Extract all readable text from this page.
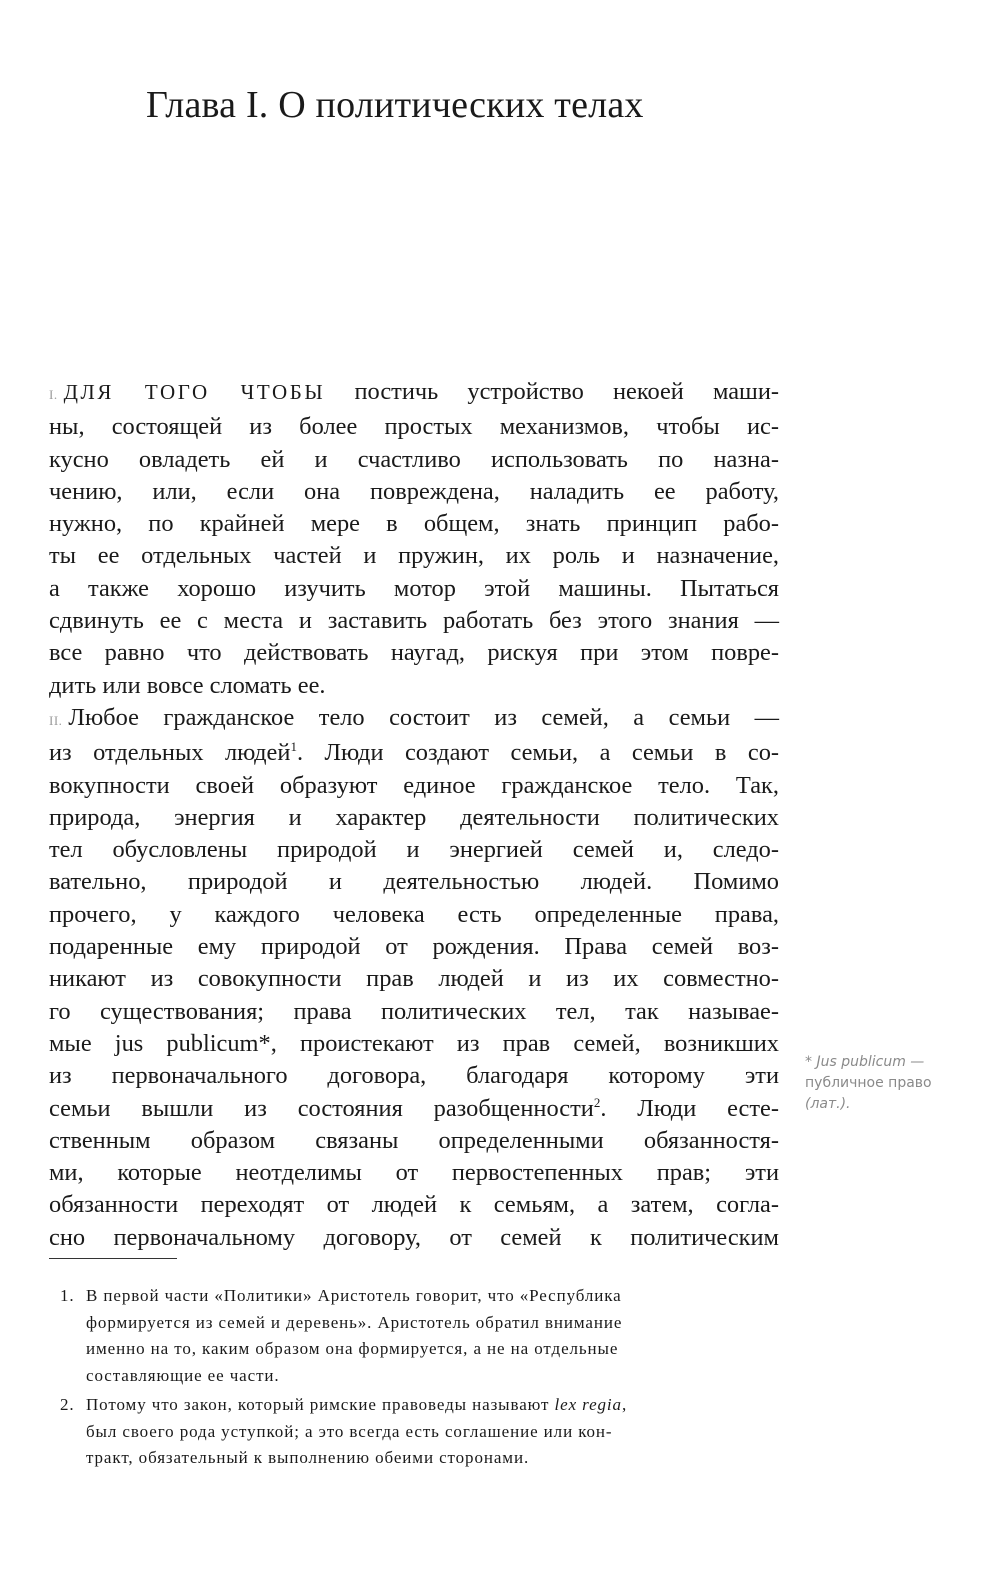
Глава I. О политических телах
I. ДЛЯ ТОГО ЧТОБЫ постичь устройство некоей маши-
ны, состоящей из более простых механизмов, чтобы ис-
кусно овладеть ей и счастливо использовать по назна-
чению, или, если она повреждена, наладить ее работу,
нужно, по крайней мере в общем, знать принцип рабо-
ты ее отдельных частей и пружин, их роль и назначение,
а также хорошо изучить мотор этой машины. Пытаться
сдвинуть ее с места и заставить работать без этого знания —
все равно что действовать наугад, рискуя при этом повре-
дить или вовсе сломать ее.
II. Любое гражданское тело состоит из семей, а семьи —
из отдельных людей$^1$. Люди создают семьи, а семьи в со-
вокупности своей образуют единое гражданское тело. Так,
природа, энергия и характер деятельности политических
тел обусловлены природой и энергией семей и, следо-
вательно, природой и деятельностью людей. Помимо
прочего, у каждого человека есть определенные права,
подаренные ему природой от рождения. Права семей воз-
никают из совокупности прав людей и из их совместно-
го существования; права политических тел, так называе-
мые jus publicum*, проистекают из прав семей, возникших
из первоначального договора, благодаря которому эти
семьи вышли из состояния разобщенности$^2$. Люди есте-
ственным образом связаны определенными обязанностя-
ми, которые неотделимы от первостепенных прав; эти
обязанности переходят от людей к семьям, а затем, согла-
сно первоначальному договору, от семей к политическим
* Jus publicum —
публичное право
(лат.).
1. В первой части «Политики» Аристотель говорит, что «Республика
формируется из семей и деревень». Аристотель обратил внимание
именно на то, каким образом она формируется, а не на отдельные
составляющие ее части.
2. Потому что закон, который римские правоведы называют lex regia,
был своего рода уступкой; а это всегда есть соглашение или кон-
тракт, обязательный к выполнению обеими сторонами.
